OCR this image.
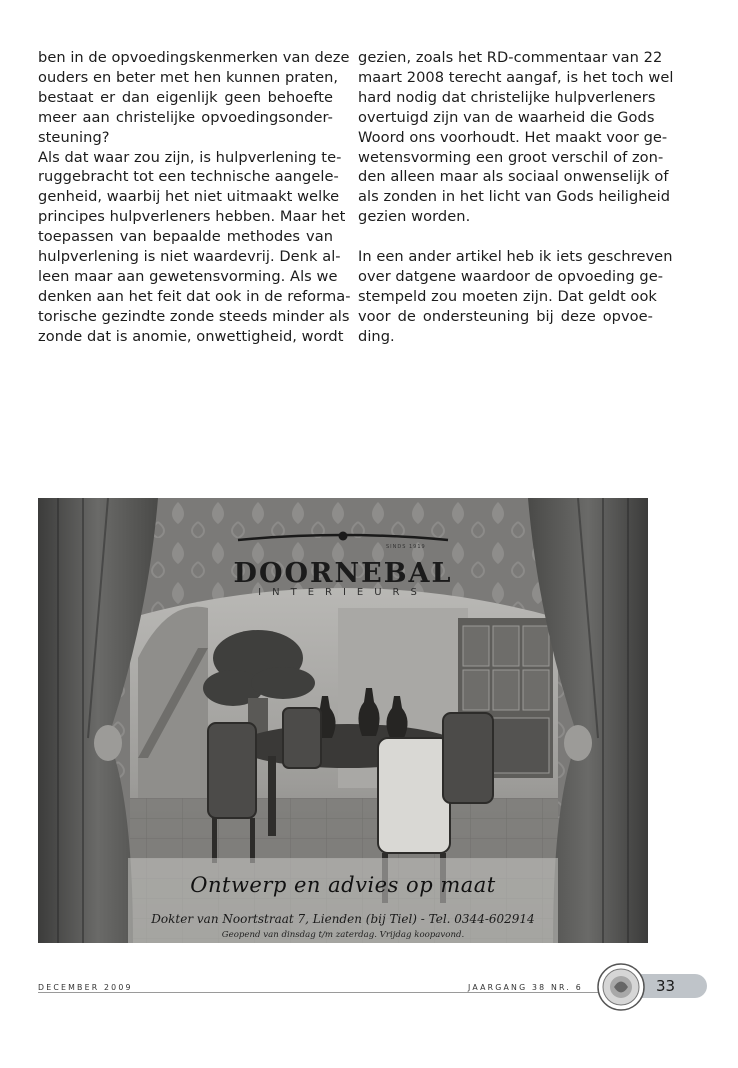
ben in de opvoedingskenmerken van deze
ouders en beter met hen kunnen praten,
bestaat er dan eigenlijk geen behoefte
meer aan christelijke opvoedingsonder-
steuning?
Als dat waar zou zijn, is hulpverlening te-
ruggebracht tot een technische aangele-
genheid, waarbij het niet uitmaakt welke
principes hulpverleners hebben. Maar het
toepassen van bepaalde methodes van
hulpverlening is niet waardevrij. Denk al-
leen maar aan gewetensvorming. Als we
denken aan het feit dat ook in de reforma-
torische gezindte zonde steeds minder als
zonde dat is anomie, onwettigheid, wordt
gezien, zoals het RD-commentaar van 22
maart 2008 terecht aangaf, is het toch wel
hard nodig dat christelijke hulpverleners
overtuigd zijn van de waarheid die Gods
Woord ons voorhoudt. Het maakt voor ge-
wetensvorming een groot verschil of zon-
den alleen maar als sociaal onwenselijk of
als zonden in het licht van Gods heiligheid
gezien worden.
In een ander artikel heb ik iets geschreven
over datgene waardoor de opvoeding ge-
stempeld zou moeten zijn. Dat geldt ook
voor de ondersteuning bij deze opvoe-
ding.
DOORNEBAL
INTERIEURS
SINDS 1919
Ontwerp en advies op maat
Dokter van Noortstraat 7, Lienden (bij Tiel) - Tel. 0344-602914
Geopend van dinsdag t/m zaterdag. Vrijdag koopavond.
DECEMBER 2009	JAARGANG 38 NR. 6	33
